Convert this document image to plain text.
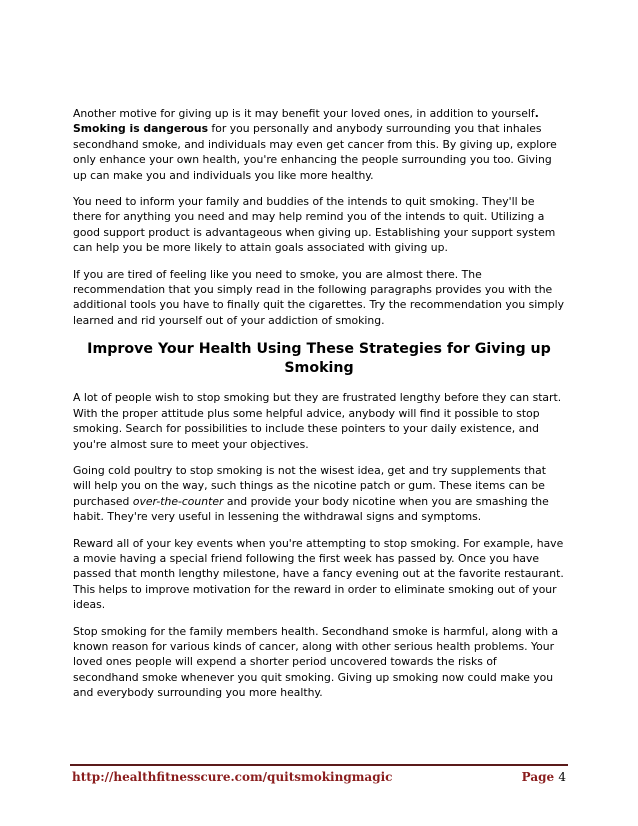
Another motive for giving up is it may benefit your loved ones, in addition to yourself. Smoking is dangerous for you personally and anybody surrounding you that inhales secondhand smoke, and individuals may even get cancer from this. By giving up, explore only enhance your own health, you're enhancing the people surrounding you too. Giving up can make you and individuals you like more healthy.

You need to inform your family and buddies of the intends to quit smoking. They'll be there for anything you need and may help remind you of the intends to quit. Utilizing a good support product is advantageous when giving up. Establishing your support system can help you be more likely to attain goals associated with giving up.

If you are tired of feeling like you need to smoke, you are almost there. The recommendation that you simply read in the following paragraphs provides you with the additional tools you have to finally quit the cigarettes. Try the recommendation you simply learned and rid yourself out of your addiction of smoking.

Improve Your Health Using These Strategies for Giving up Smoking

A lot of people wish to stop smoking but they are frustrated lengthy before they can start. With the proper attitude plus some helpful advice, anybody will find it possible to stop smoking. Search for possibilities to include these pointers to your daily existence, and you're almost sure to meet your objectives.

Going cold poultry to stop smoking is not the wisest idea, get and try supplements that will help you on the way, such things as the nicotine patch or gum. These items can be purchased over-the-counter and provide your body nicotine when you are smashing the habit. They're very useful in lessening the withdrawal signs and symptoms.

Reward all of your key events when you're attempting to stop smoking. For example, have a movie having a special friend following the first week has passed by. Once you have passed that month lengthy milestone, have a fancy evening out at the favorite restaurant. This helps to improve motivation for the reward in order to eliminate smoking out of your ideas.

Stop smoking for the family members health. Secondhand smoke is harmful, along with a known reason for various kinds of cancer, along with other serious health problems. Your loved ones people will expend a shorter period uncovered towards the risks of secondhand smoke whenever you quit smoking. Giving up smoking now could make you and everybody surrounding you more healthy.

http://healthfitnesscure.com/quitsmokingmagic	Page 4
